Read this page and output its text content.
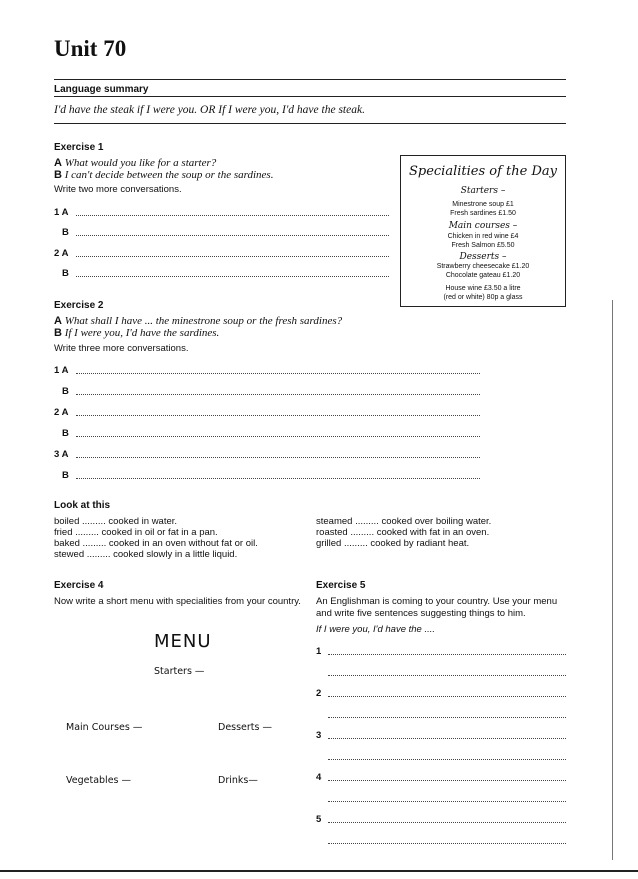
Unit 70
Language summary
I'd have the steak if I were you. OR If I were you, I'd have the steak.
Exercise 1
A What would you like for a starter?
B I can't decide between the soup or the sardines.
Write two more conversations.
1 A
B
2 A
B
Specialities of the Day
Starters –
Minestrone soup £1
Fresh sardines £1.50
Main courses –
Chicken in red wine £4
Fresh Salmon £5.50
Desserts –
Strawberry cheesecake £1.20
Chocolate gateau £1.20
House wine £3.50 a litre
(red or white) 80p a glass
Exercise 2
A What shall I have ... the minestrone soup or the fresh sardines?
B If I were you, I'd have the sardines.
Write three more conversations.
1 A
B
2 A
B
3 A
B
Look at this
boiled ......... cooked in water.
fried ......... cooked in oil or fat in a pan.
baked ......... cooked in an oven without fat or oil.
stewed ......... cooked slowly in a little liquid.
steamed ......... cooked over boiling water.
roasted ......... cooked with fat in an oven.
grilled ......... cooked by radiant heat.
Exercise 4
Now write a short menu with specialities from your country.
MENU
Starters —
Main Courses —	Desserts —
Vegetables —	Drinks—
Exercise 5
An Englishman is coming to your country. Use your menu and write five sentences suggesting things to him.
If I were you, I'd have the ....
1
2
3
4
5
